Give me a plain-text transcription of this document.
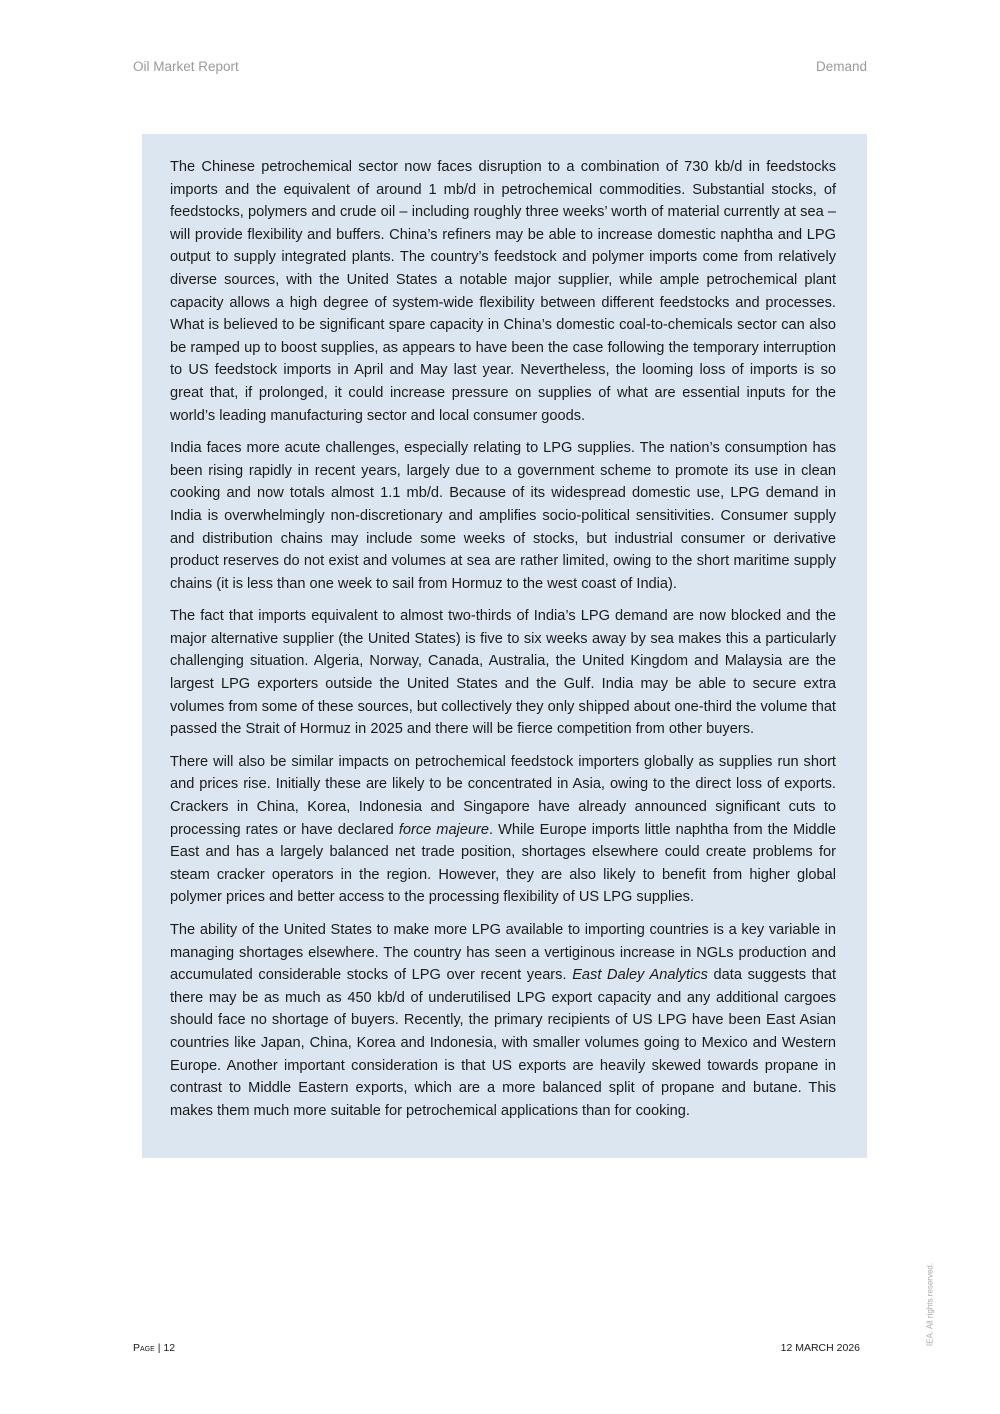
Oil Market Report	Demand

The Chinese petrochemical sector now faces disruption to a combination of 730 kb/d in feedstocks imports and the equivalent of around 1 mb/d in petrochemical commodities. Substantial stocks, of feedstocks, polymers and crude oil – including roughly three weeks’ worth of material currently at sea – will provide flexibility and buffers. China’s refiners may be able to increase domestic naphtha and LPG output to supply integrated plants. The country’s feedstock and polymer imports come from relatively diverse sources, with the United States a notable major supplier, while ample petrochemical plant capacity allows a high degree of system-wide flexibility between different feedstocks and processes. What is believed to be significant spare capacity in China’s domestic coal-to-chemicals sector can also be ramped up to boost supplies, as appears to have been the case following the temporary interruption to US feedstock imports in April and May last year. Nevertheless, the looming loss of imports is so great that, if prolonged, it could increase pressure on supplies of what are essential inputs for the world’s leading manufacturing sector and local consumer goods.

India faces more acute challenges, especially relating to LPG supplies. The nation’s consumption has been rising rapidly in recent years, largely due to a government scheme to promote its use in clean cooking and now totals almost 1.1 mb/d. Because of its widespread domestic use, LPG demand in India is overwhelmingly non-discretionary and amplifies socio-political sensitivities. Consumer supply and distribution chains may include some weeks of stocks, but industrial consumer or derivative product reserves do not exist and volumes at sea are rather limited, owing to the short maritime supply chains (it is less than one week to sail from Hormuz to the west coast of India).

The fact that imports equivalent to almost two-thirds of India’s LPG demand are now blocked and the major alternative supplier (the United States) is five to six weeks away by sea makes this a particularly challenging situation. Algeria, Norway, Canada, Australia, the United Kingdom and Malaysia are the largest LPG exporters outside the United States and the Gulf. India may be able to secure extra volumes from some of these sources, but collectively they only shipped about one-third the volume that passed the Strait of Hormuz in 2025 and there will be fierce competition from other buyers.

There will also be similar impacts on petrochemical feedstock importers globally as supplies run short and prices rise. Initially these are likely to be concentrated in Asia, owing to the direct loss of exports. Crackers in China, Korea, Indonesia and Singapore have already announced significant cuts to processing rates or have declared force majeure. While Europe imports little naphtha from the Middle East and has a largely balanced net trade position, shortages elsewhere could create problems for steam cracker operators in the region. However, they are also likely to benefit from higher global polymer prices and better access to the processing flexibility of US LPG supplies.

The ability of the United States to make more LPG available to importing countries is a key variable in managing shortages elsewhere. The country has seen a vertiginous increase in NGLs production and accumulated considerable stocks of LPG over recent years. East Daley Analytics data suggests that there may be as much as 450 kb/d of underutilised LPG export capacity and any additional cargoes should face no shortage of buyers. Recently, the primary recipients of US LPG have been East Asian countries like Japan, China, Korea and Indonesia, with smaller volumes going to Mexico and Western Europe. Another important consideration is that US exports are heavily skewed towards propane in contrast to Middle Eastern exports, which are a more balanced split of propane and butane. This makes them much more suitable for petrochemical applications than for cooking.

Page | 12	12 MARCH 2026
IEA. All rights reserved.
